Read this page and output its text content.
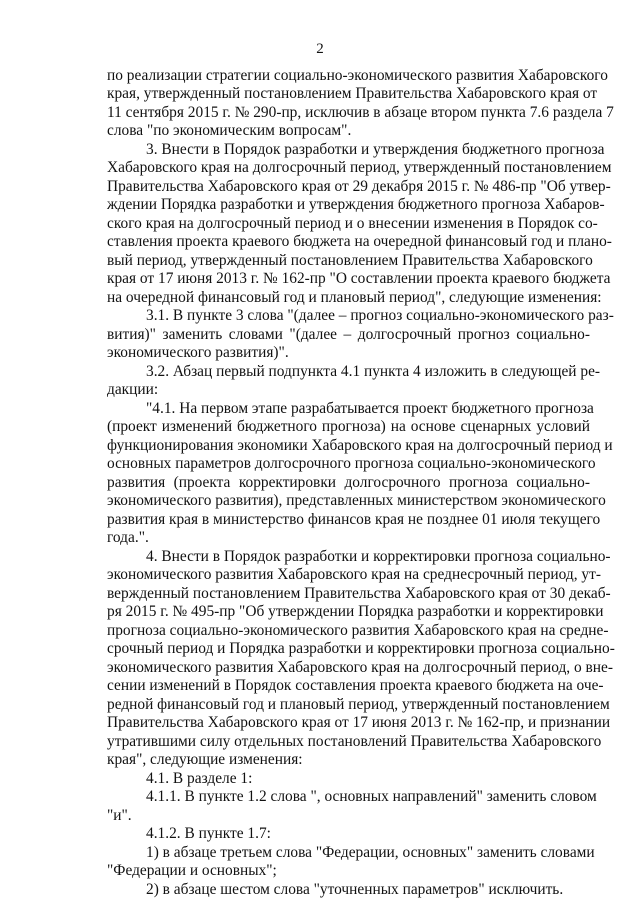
2
по реализации стратегии социально-экономического развития Хабаровского
края, утвержденный постановлением Правительства Хабаровского края от
11 сентября 2015 г. № 290-пр, исключив в абзаце втором пункта 7.6 раздела 7
слова "по экономическим вопросам".
3. Внести в Порядок разработки и утверждения бюджетного прогноза
Хабаровского края на долгосрочный период, утвержденный постановлением
Правительства Хабаровского края от 29 декабря 2015 г. № 486-пр "Об утвер-
ждении Порядка разработки и утверждения бюджетного прогноза Хабаров-
ского края на долгосрочный период и о внесении изменения в Порядок со-
ставления проекта краевого бюджета на очередной финансовый год и плано-
вый период, утвержденный постановлением Правительства Хабаровского
края от 17 июня 2013 г. № 162-пр "О составлении проекта краевого бюджета
на очередной финансовый год и плановый период", следующие изменения:
3.1. В пункте 3 слова "(далее – прогноз социально-экономического раз-
вития)" заменить словами "(далее – долгосрочный прогноз социально-
экономического развития)".
3.2. Абзац первый подпункта 4.1 пункта 4 изложить в следующей ре-
дакции:
"4.1. На первом этапе разрабатывается проект бюджетного прогноза
(проект изменений бюджетного прогноза) на основе сценарных условий
функционирования экономики Хабаровского края на долгосрочный период и
основных параметров долгосрочного прогноза социально-экономического
развития (проекта корректировки долгосрочного прогноза социально-
экономического развития), представленных министерством экономического
развития края в министерство финансов края не позднее 01 июля текущего
года.".
4. Внести в Порядок разработки и корректировки прогноза социально-
экономического развития Хабаровского края на среднесрочный период, ут-
вержденный постановлением Правительства Хабаровского края от 30 декаб-
ря 2015 г. № 495-пр "Об утверждении Порядка разработки и корректировки
прогноза социально-экономического развития Хабаровского края на средне-
срочный период и Порядка разработки и корректировки прогноза социально-
экономического развития Хабаровского края на долгосрочный период, о вне-
сении изменений в Порядок составления проекта краевого бюджета на оче-
редной финансовый год и плановый период, утвержденный постановлением
Правительства Хабаровского края от 17 июня 2013 г. № 162-пр, и признании
утратившими силу отдельных постановлений Правительства Хабаровского
края", следующие изменения:
4.1. В разделе 1:
4.1.1. В пункте 1.2 слова ", основных направлений" заменить словом
"и".
4.1.2. В пункте 1.7:
1) в абзаце третьем слова "Федерации, основных" заменить словами
"Федерации и основных";
2) в абзаце шестом слова "уточненных параметров" исключить.
